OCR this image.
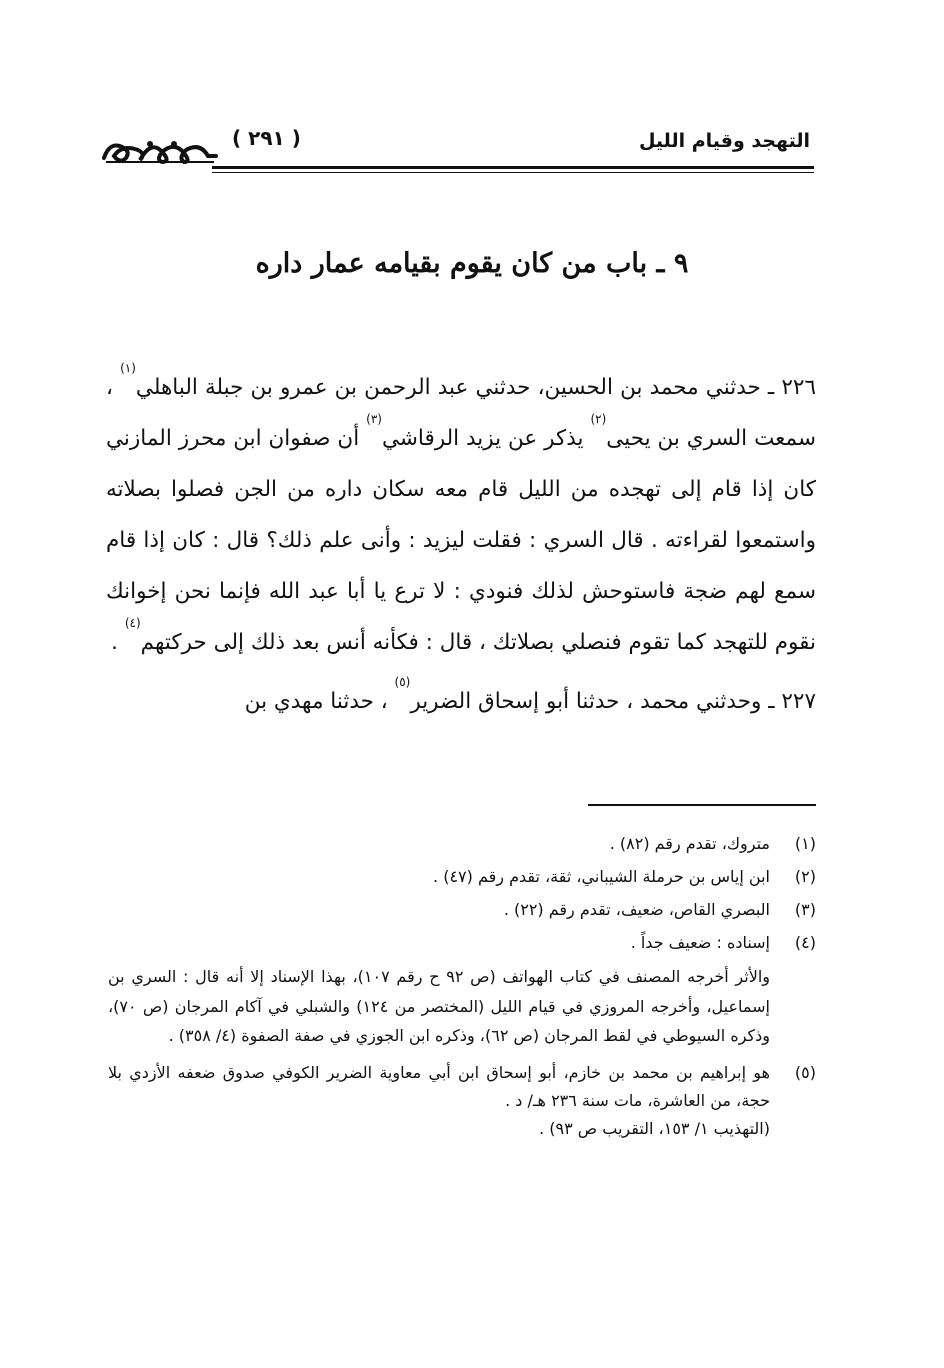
التهجد وقيام الليل
( ٢٩١ )
٩ ـ باب من كان يقوم بقيامه عمار داره

٢٢٦ ـ حدثني محمد بن الحسين، حدثني عبد الرحمن بن عمرو بن جبلة الباهلي$^{(١)}$ ، سمعت السري بن يحيى$^{(٢)}$ يذكر عن يزيد الرقاشي$^{(٣)}$ أن صفوان ابن محرز المازني كان إذا قام إلى تهجده من الليل قام معه سكان داره من الجن فصلوا بصلاته واستمعوا لقراءته . قال السري : فقلت ليزيد : وأنى علم ذلك؟ قال : كان إذا قام سمع لهم ضجة فاستوحش لذلك فنودي : لا ترع يا أبا عبد الله فإنما نحن إخوانك نقوم للتهجد كما تقوم فنصلي بصلاتك ، قال : فكأنه أنس بعد ذلك إلى حركتهم$^{(٤)}$ .

٢٢٧ ـ وحدثني محمد ، حدثنا أبو إسحاق الضرير$^{(٥)}$ ، حدثنا مهدي بن

(١)
متروك، تقدم رقم (٨٢) .
(٢)
ابن إياس بن حرملة الشيباني، ثقة، تقدم رقم (٤٧) .
(٣)
البصري القاص، ضعيف، تقدم رقم (٢٢) .
(٤)
إسناده : ضعيف جداً .
والأثر أخرجه المصنف في كتاب الهواتف (ص ٩٢ ح رقم ١٠٧)، بهذا الإسناد إلا أنه قال : السري بن إسماعيل، وأخرجه المروزي في قيام الليل (المختصر من ١٢٤) والشبلي في آكام المرجان (ص ٧٠)، وذكره السيوطي في لقط المرجان (ص ٦٢)، وذكره ابن الجوزي في صفة الصفوة (٤/ ٣٥٨) .
(٥)
هو إبراهيم بن محمد بن خازم، أبو إسحاق ابن أبي معاوية الضرير الكوفي صدوق ضعفه الأزدي بلا حجة، من العاشرة، مات سنة ٢٣٦ هـ/ د .
(التهذيب ١/ ١٥٣، التقريب ص ٩٣) .
